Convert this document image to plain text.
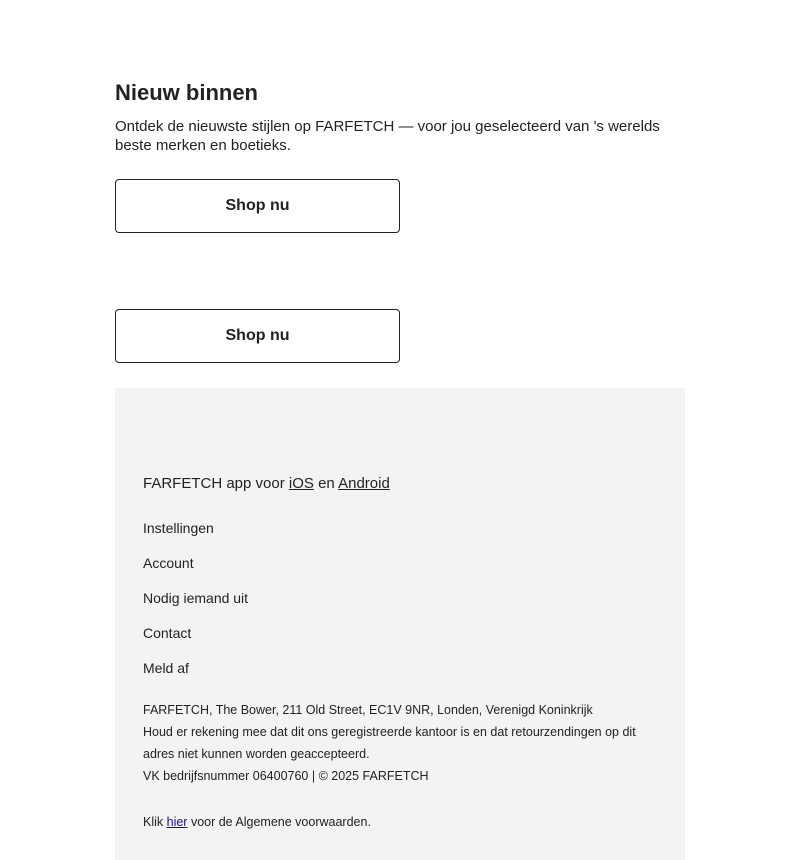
Nieuw binnen

Ontdek de nieuwste stijlen op FARFETCH — voor jou geselecteerd van 's werelds beste merken en boetieks.

Shop nu
Shop nu
FARFETCH app voor iOS en Android
Instellingen
Account
Nodig iemand uit
Contact
Meld af
FARFETCH, The Bower, 211 Old Street, EC1V 9NR, Londen, Verenigd Koninkrijk
Houd er rekening mee dat dit ons geregistreerde kantoor is en dat retourzendingen op dit adres niet kunnen worden geaccepteerd.
VK bedrijfsnummer 06400760 | © 2025 FARFETCH
Klik hier voor de Algemene voorwaarden.
